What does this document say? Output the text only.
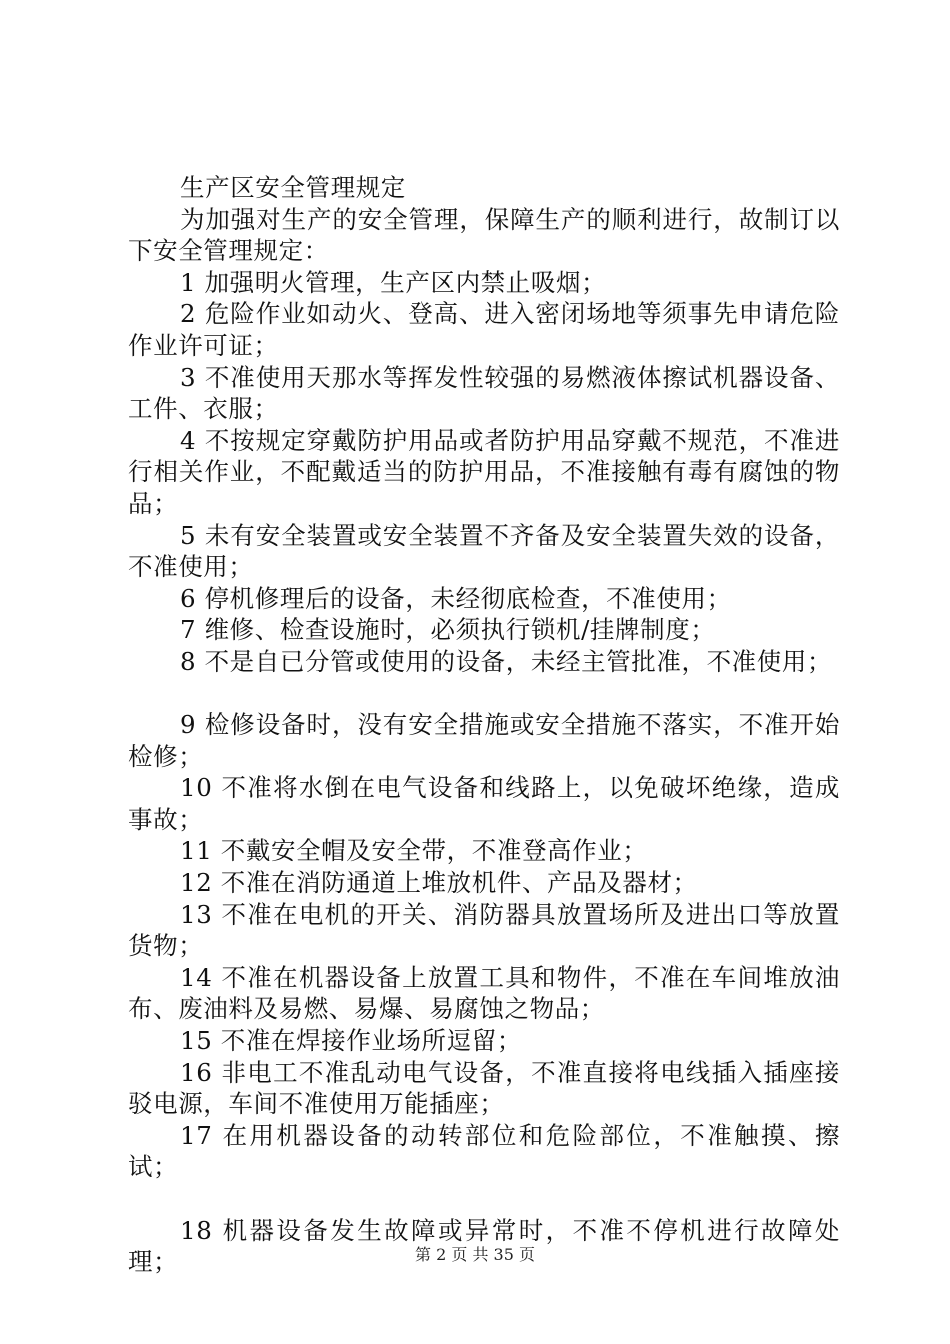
生产区安全管理规定

为加强对生产的安全管理，保障生产的顺利进行，故制订以下安全管理规定：

1 加强明火管理，生产区内禁止吸烟；

2 危险作业如动火、登高、进入密闭场地等须事先申请危险作业许可证；

3 不准使用天那水等挥发性较强的易燃液体擦试机器设备、工件、衣服；

4 不按规定穿戴防护用品或者防护用品穿戴不规范，不准进行相关作业，不配戴适当的防护用品，不准接触有毒有腐蚀的物品；

5 未有安全装置或安全装置不齐备及安全装置失效的设备，不准使用；

6 停机修理后的设备，未经彻底检查，不准使用；

7 维修、检查设施时，必须执行锁机/挂牌制度；

8 不是自已分管或使用的设备，未经主管批准，不准使用；

9 检修设备时，没有安全措施或安全措施不落实，不准开始检修；

10 不准将水倒在电气设备和线路上，以免破坏绝缘，造成事故；

11 不戴安全帽及安全带，不准登高作业；

12 不准在消防通道上堆放机件、产品及器材；

13 不准在电机的开关、消防器具放置场所及进出口等放置货物；

14 不准在机器设备上放置工具和物件，不准在车间堆放油布、废油料及易燃、易爆、易腐蚀之物品；

15 不准在焊接作业场所逗留；

16 非电工不准乱动电气设备，不准直接将电线插入插座接驳电源，车间不准使用万能插座；

17 在用机器设备的动转部位和危险部位，不准触摸、擦试；

18 机器设备发生故障或异常时，不准不停机进行故障处理；	第 2 页 共 35 页
